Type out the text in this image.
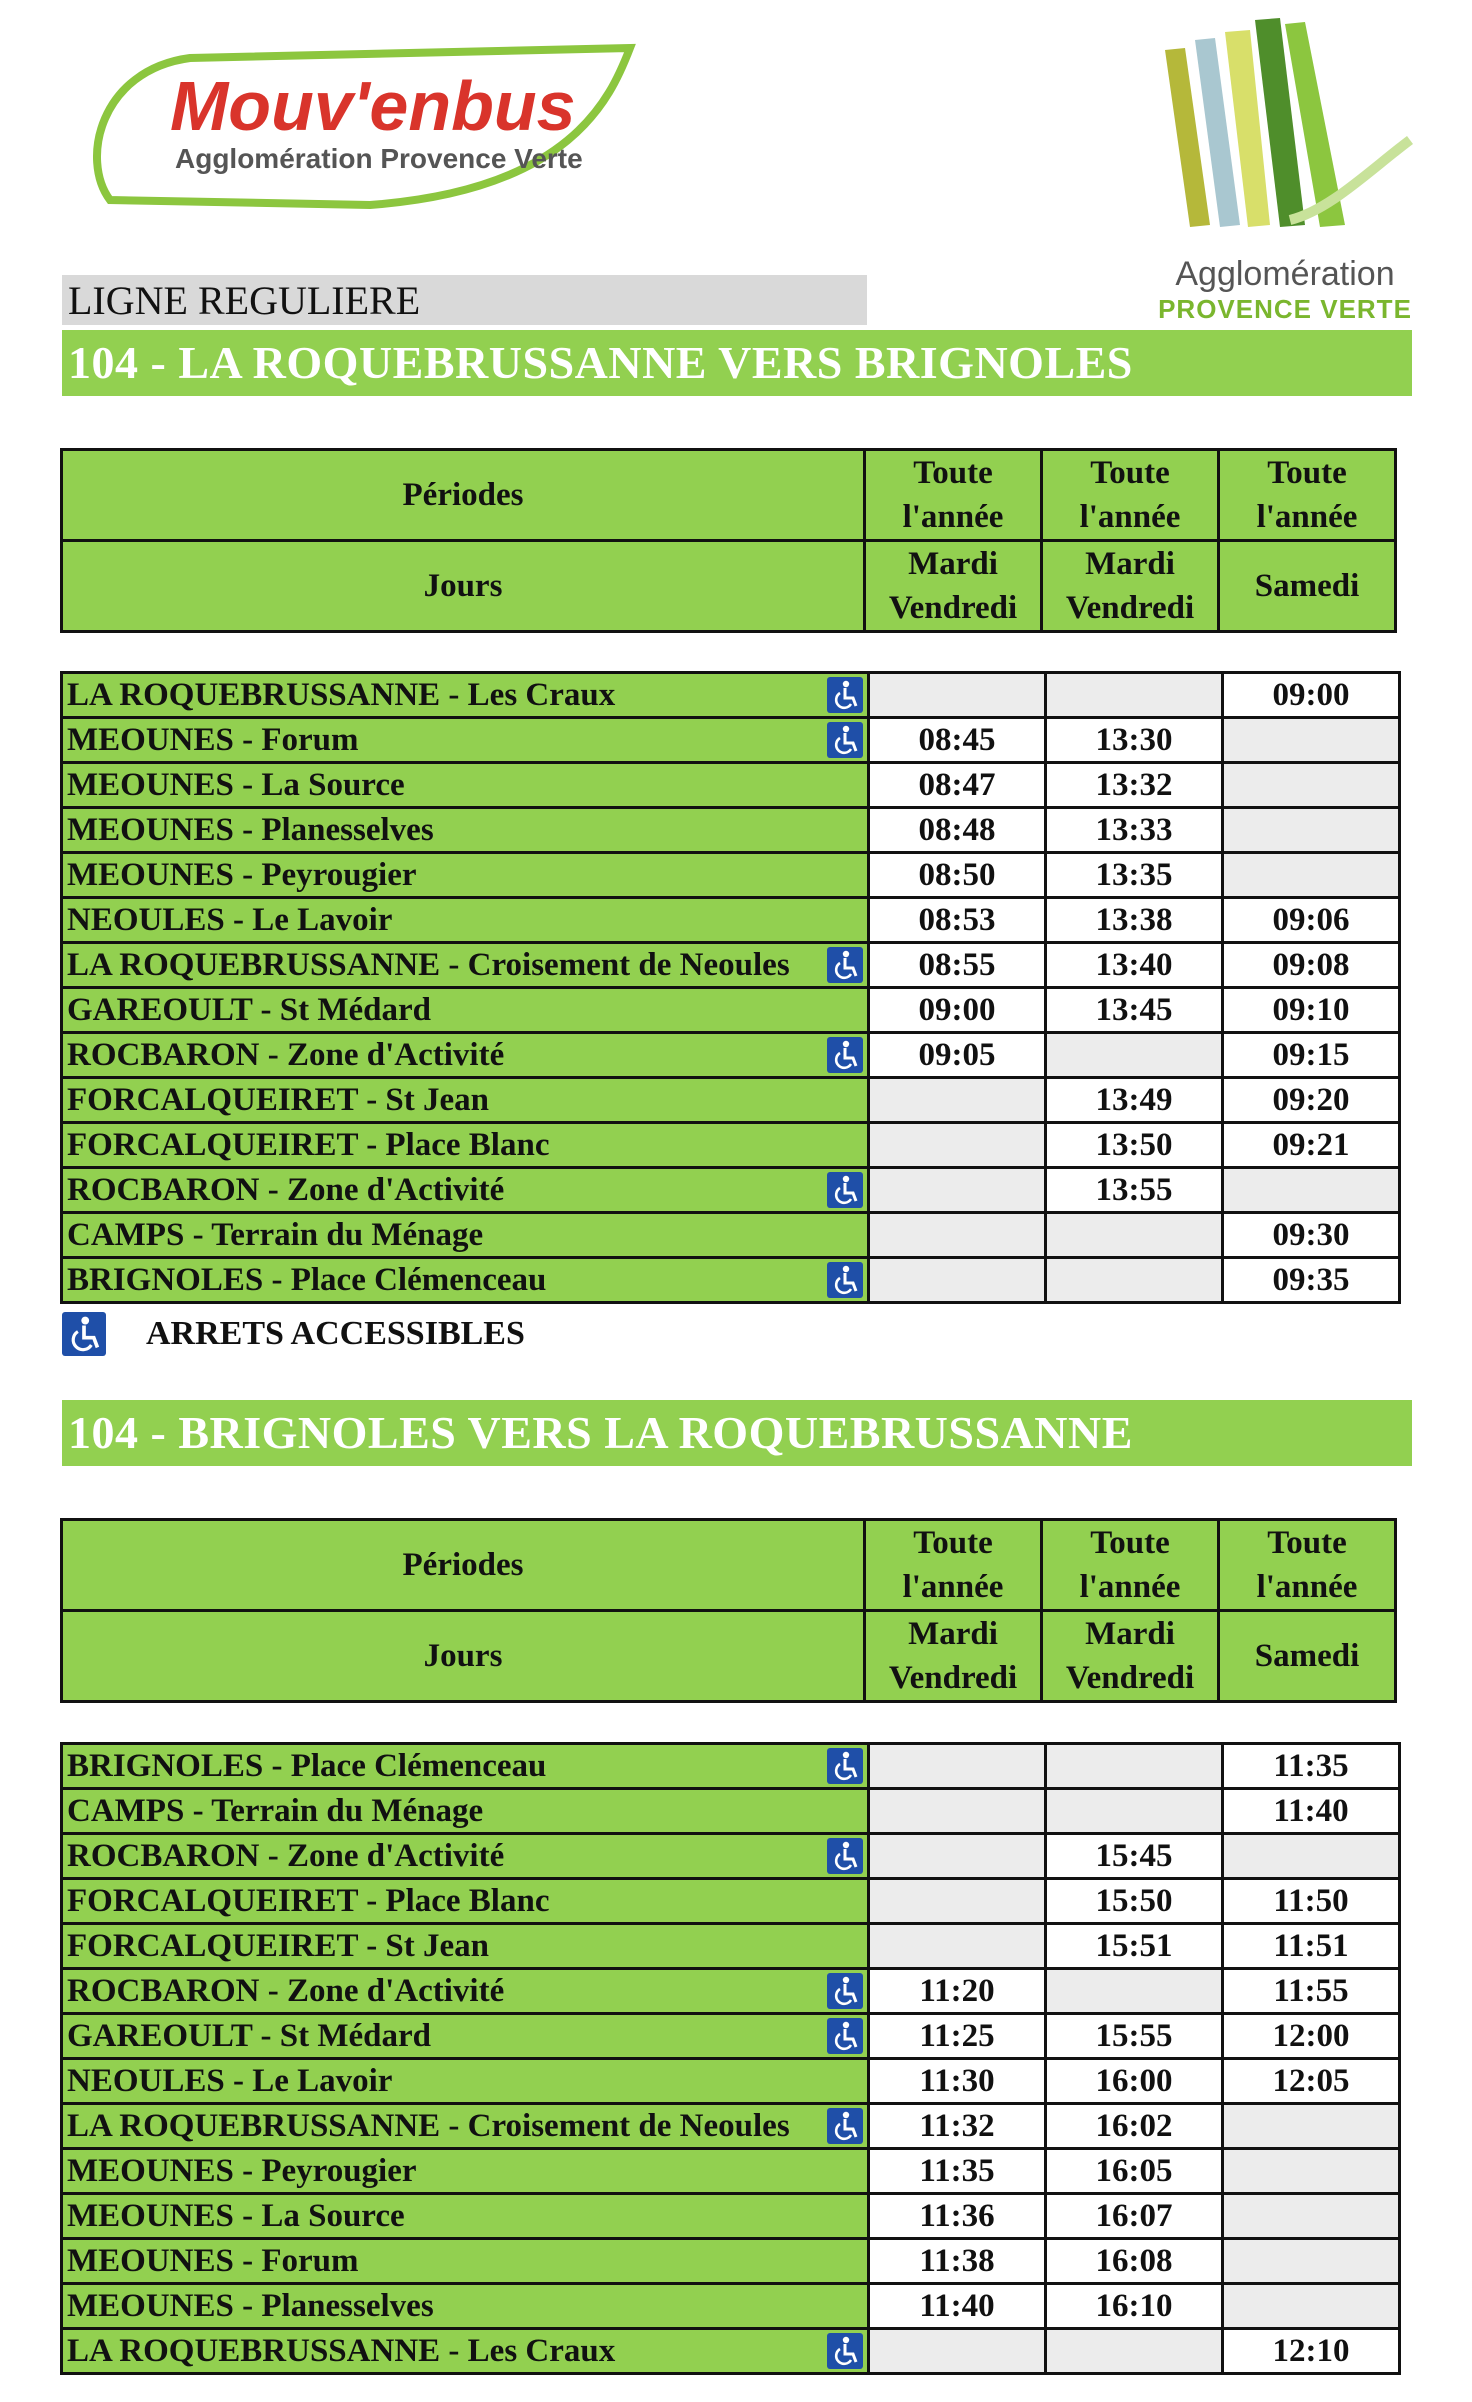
Mouv'enbus
Agglomération Provence Verte
Agglomération
PROVENCE VERTE
LIGNE REGULIERE
104 - LA ROQUEBRUSSANNE VERS BRIGNOLES
Périodes	Toute l'année	Toute l'année	Toute l'année
Jours	Mardi Vendredi	Mardi Vendredi	Samedi
LA ROQUEBRUSSANNE - Les Craux			09:00
MEOUNES - Forum	08:45	13:30	
MEOUNES - La Source	08:47	13:32	
MEOUNES - Planesselves	08:48	13:33	
MEOUNES - Peyrougier	08:50	13:35	
NEOULES - Le Lavoir	08:53	13:38	09:06
LA ROQUEBRUSSANNE - Croisement de Neoules	08:55	13:40	09:08
GAREOULT - St Médard	09:00	13:45	09:10
ROCBARON - Zone d'Activité	09:05		09:15
FORCALQUEIRET - St Jean		13:49	09:20
FORCALQUEIRET - Place Blanc		13:50	09:21
ROCBARON - Zone d'Activité		13:55	
CAMPS - Terrain du Ménage			09:30
BRIGNOLES - Place Clémenceau			09:35
ARRETS ACCESSIBLES
104 - BRIGNOLES VERS LA ROQUEBRUSSANNE
Périodes	Toute l'année	Toute l'année	Toute l'année
Jours	Mardi Vendredi	Mardi Vendredi	Samedi
BRIGNOLES - Place Clémenceau			11:35
CAMPS - Terrain du Ménage			11:40
ROCBARON - Zone d'Activité		15:45	
FORCALQUEIRET - Place Blanc		15:50	11:50
FORCALQUEIRET - St Jean		15:51	11:51
ROCBARON - Zone d'Activité	11:20		11:55
GAREOULT - St Médard	11:25	15:55	12:00
NEOULES - Le Lavoir	11:30	16:00	12:05
LA ROQUEBRUSSANNE - Croisement de Neoules	11:32	16:02	
MEOUNES - Peyrougier	11:35	16:05	
MEOUNES - La Source	11:36	16:07	
MEOUNES - Forum	11:38	16:08	
MEOUNES - Planesselves	11:40	16:10	
LA ROQUEBRUSSANNE - Les Craux			12:10
